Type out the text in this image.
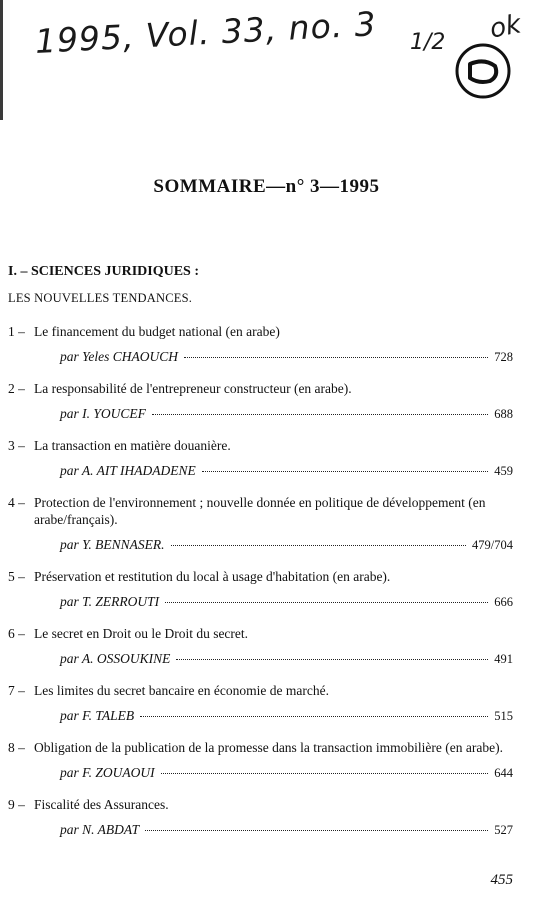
1995, Vol. 33, no. 3 1/2 ok
SOMMAIRE—n° 3—1995
I. – SCIENCES JURIDIQUES :
LES NOUVELLES TENDANCES.
1 – Le financement du budget national (en arabe)
par Yeles CHAOUCH	728
2 – La responsabilité de l'entrepreneur constructeur (en arabe).
par I. YOUCEF	688
3 – La transaction en matière douanière.
par A. AIT IHADADENE	459
4 – Protection de l'environnement ; nouvelle donnée en politique de développement (en arabe/français).
par Y. BENNASER.	479/704
5 – Préservation et restitution du local à usage d'habitation (en arabe).
par T. ZERROUTI	666
6 – Le secret en Droit ou le Droit du secret.
par A. OSSOUKINE	491
7 – Les limites du secret bancaire en économie de marché.
par F. TALEB	515
8 – Obligation de la publication de la promesse dans la transaction immobilière (en arabe).
par F. ZOUAOUI	644
9 – Fiscalité des Assurances.
par N. ABDAT	527
455
